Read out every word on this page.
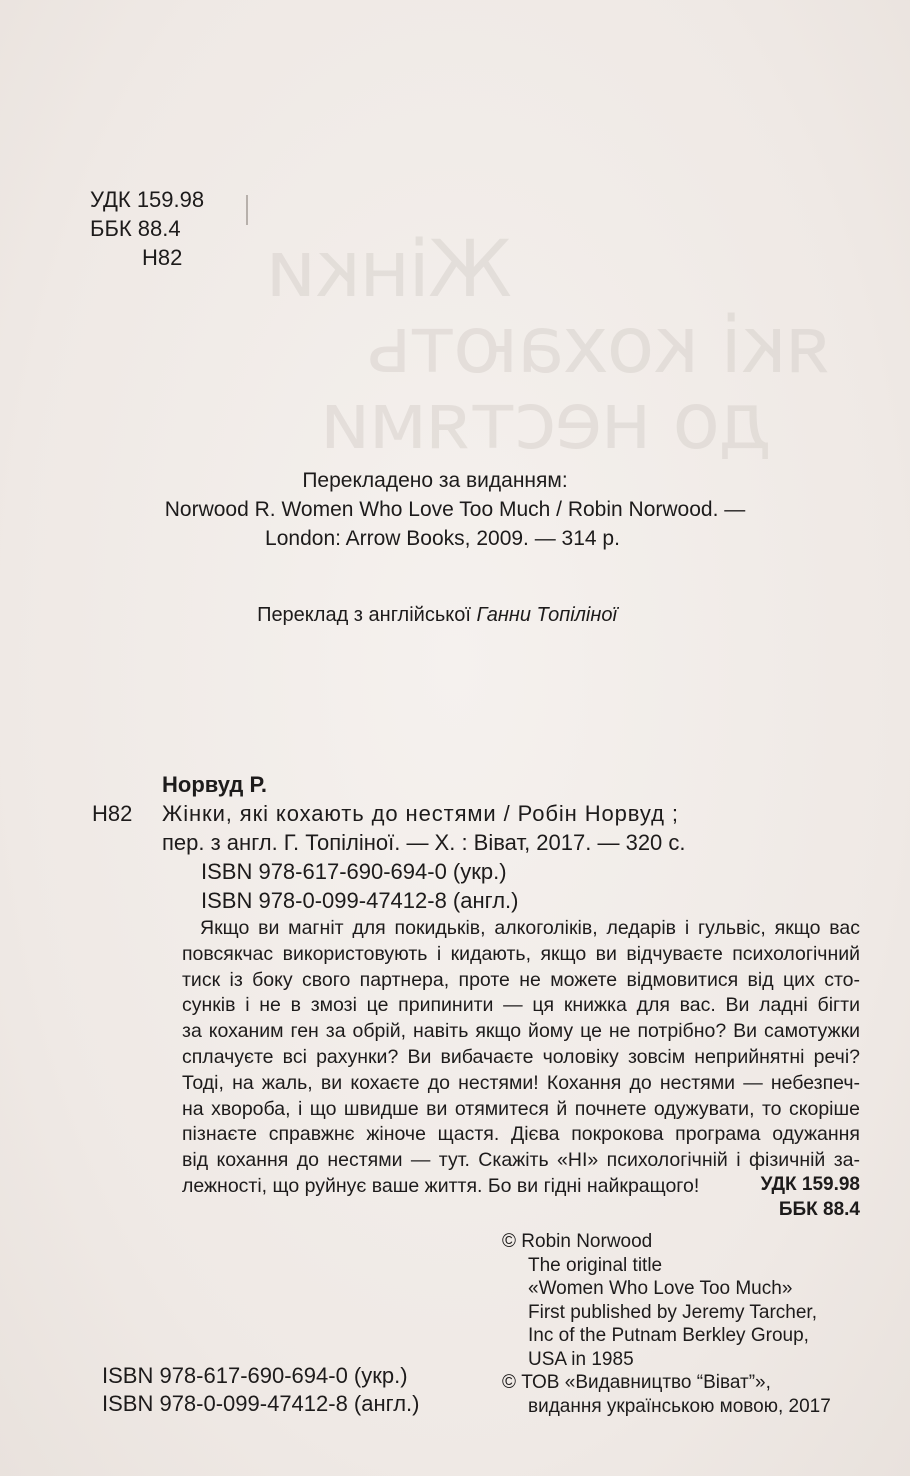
Жінки
які кохають
до нестями
УДК 159.98
ББК 88.4
Н82
Перекладено за виданням:
Norwood R. Women Who Love Too Much / Robin Norwood. —
London: Arrow Books, 2009. — 314 p.
Переклад з англійської Ганни Топіліної
Норвуд Р.
Н82	Жінки, які кохають до нестями / Робін Норвуд ;
пер. з англ. Г. Топіліної. — Х. : Віват, 2017. — 320 с.
ISBN 978-617-690-694-0 (укр.)
ISBN 978-0-099-47412-8 (англ.)
Якщо ви магніт для покидьків, алкоголіків, ледарів і гульвіс, якщо вас
повсякчас використовують і кидають, якщо ви відчуваєте психологічний
тиск із боку свого партнера, проте не можете відмовитися від цих сто-
сунків і не в змозі це припинити — ця книжка для вас. Ви ладні бігти
за коханим ген за обрій, навіть якщо йому це не потрібно? Ви самотужки
сплачуєте всі рахунки? Ви вибачаєте чоловіку зовсім неприйнятні речі?
Тоді, на жаль, ви кохаєте до нестями! Кохання до нестями — небезпеч-
на хвороба, і що швидше ви отямитеся й почнете одужувати, то скоріше
пізнаєте справжнє жіноче щастя. Дієва покрокова програма одужання
від кохання до нестями — тут. Скажіть «НІ» психологічній і фізичній за-
лежності, що руйнує ваше життя. Бо ви гідні найкращого!	УДК 159.98
ББК 88.4
© Robin Norwood
The original title
«Women Who Love Too Much»
First published by Jeremy Tarcher,
Inc of the Putnam Berkley Group,
USA in 1985
© ТОВ «Видавництво “Віват”»,
видання українською мовою, 2017
ISBN 978-617-690-694-0 (укр.)
ISBN 978-0-099-47412-8 (англ.)
